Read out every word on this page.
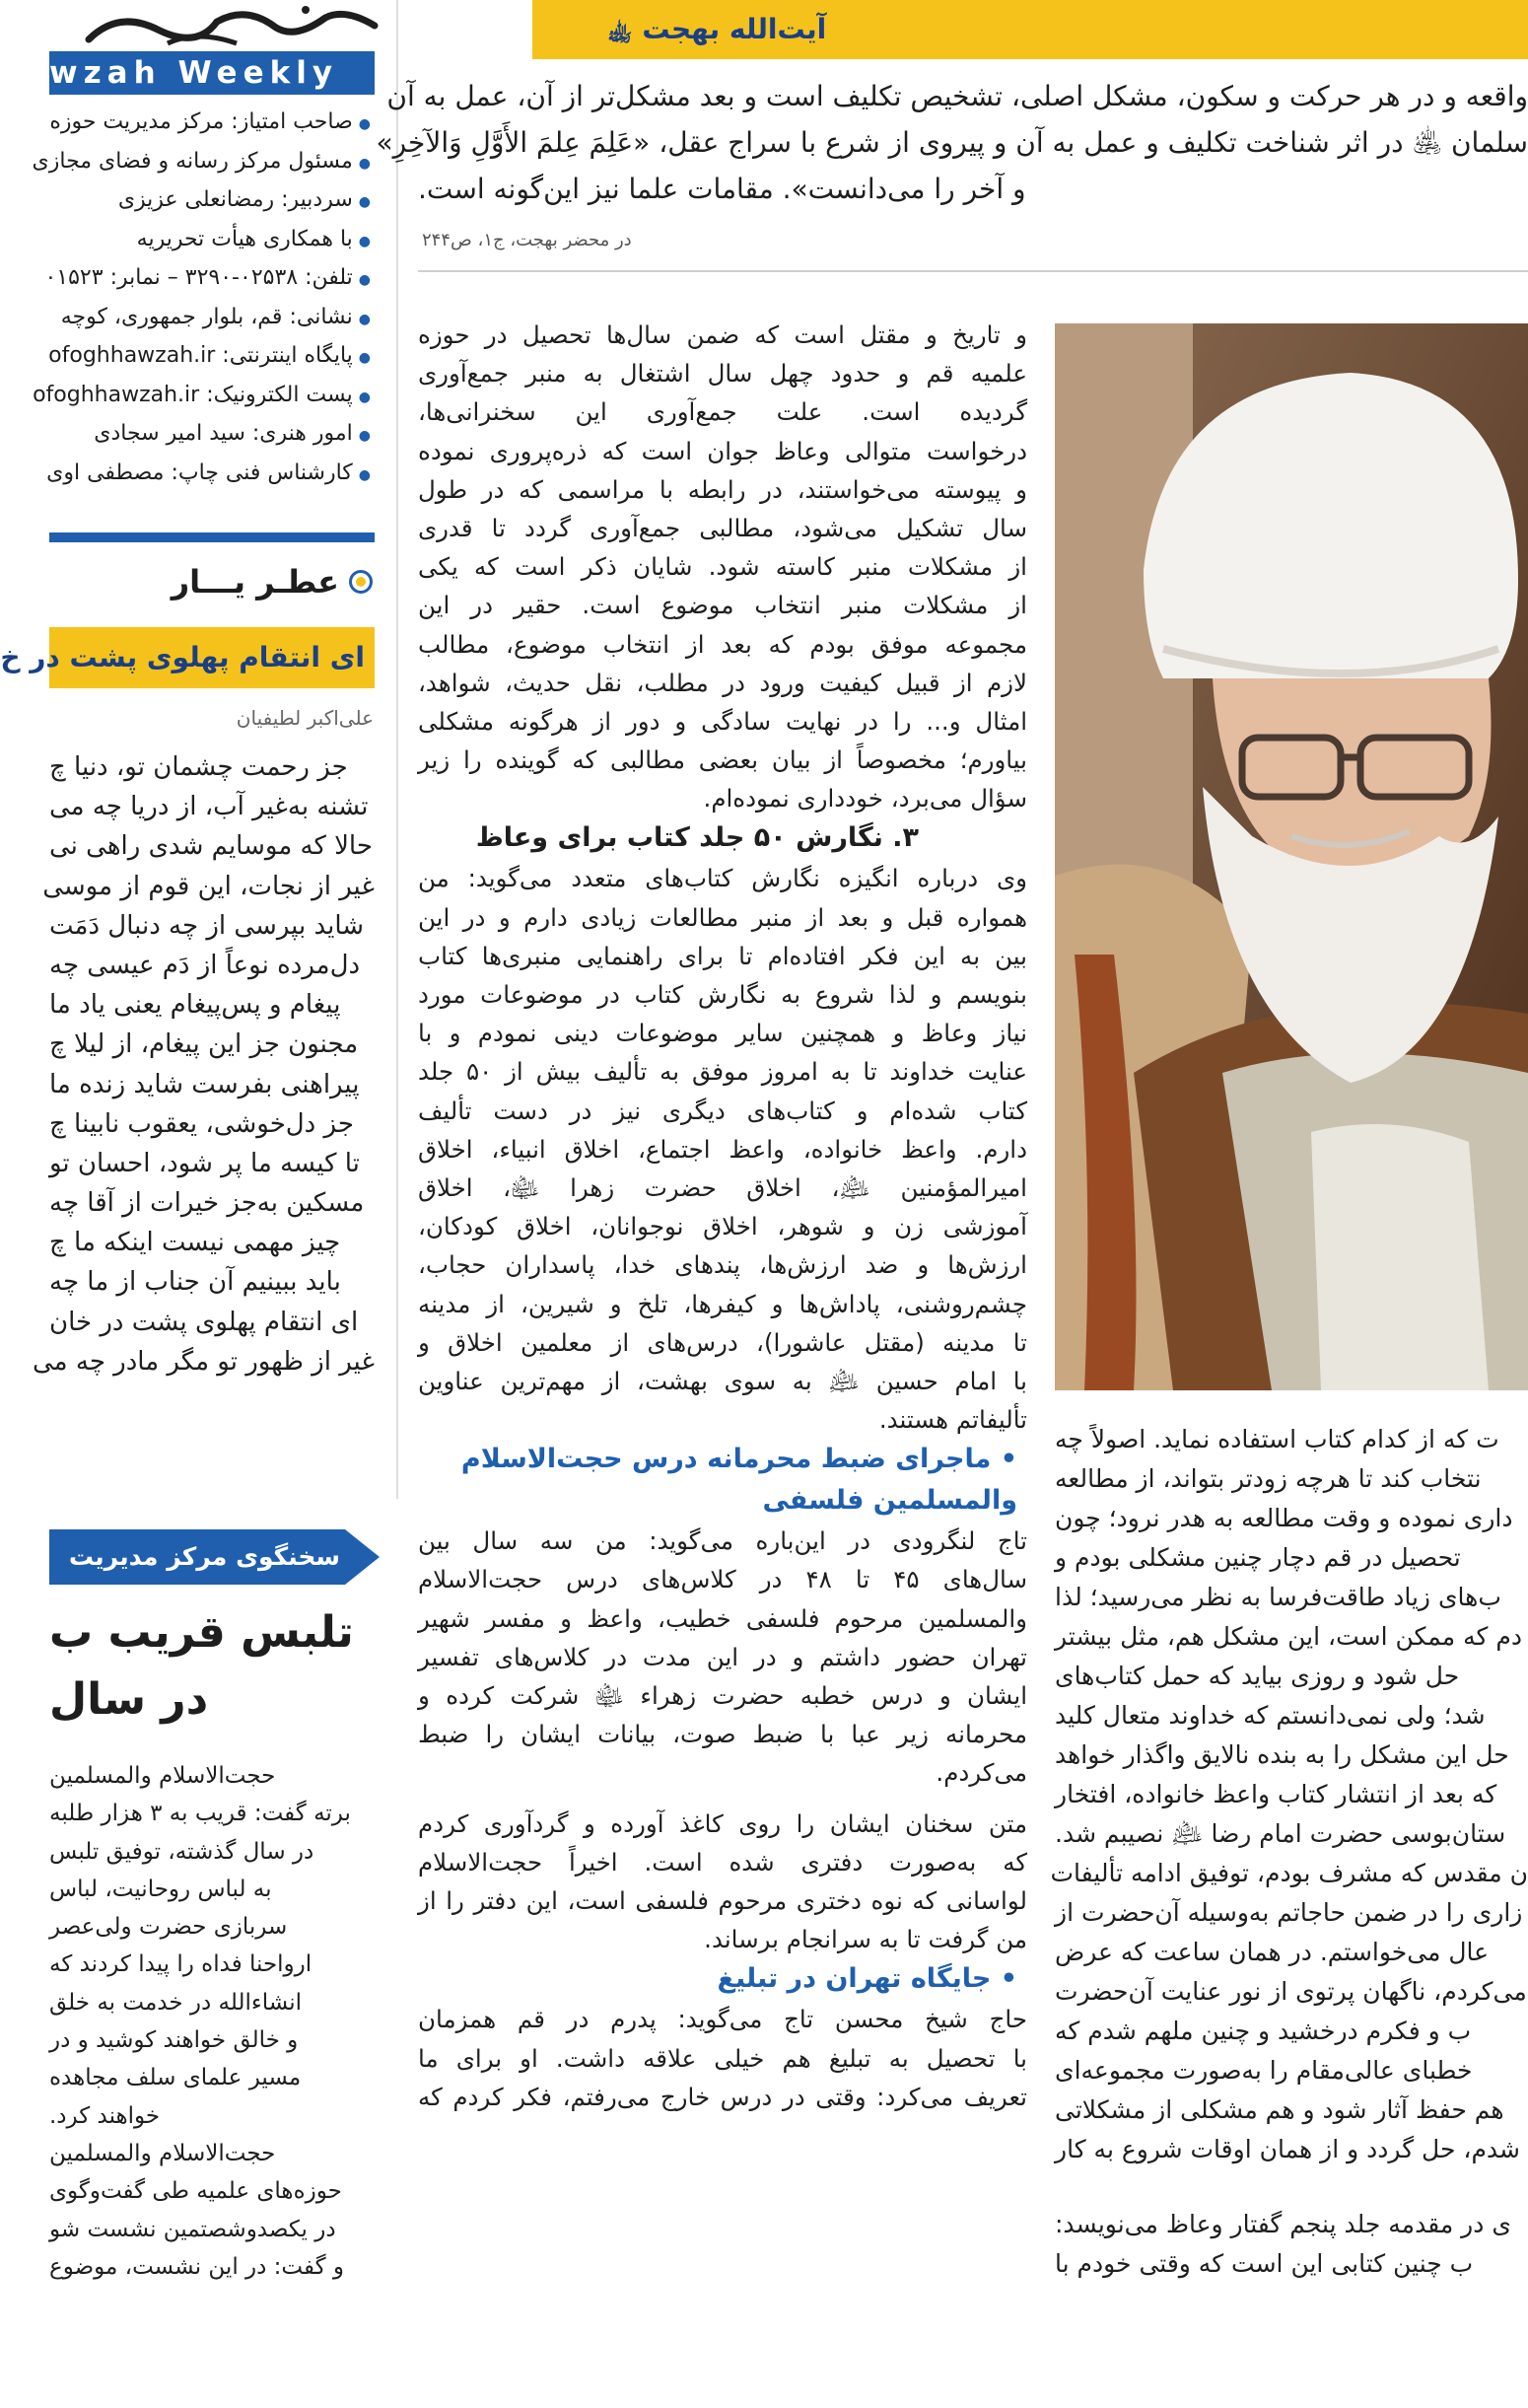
wzah Weekly
●صاحب امتیاز: مرکز مدیریت حوزه
●مسئول مرکز رسانه و فضای مجازی
●سردبیر: رمضانعلی عزیزی
●با همکاری هیأت تحریریه
●تلفن: ۰۲۵۳۸-۳۲۹۰ – نمابر: ۰۱۵۲۳
●نشانی: قم، بلوار جمهوری، کوچه
●پایگاه اینترنتی: ofoghhawzah.ir
●پست الکترونیک: ofoghhawzah.ir
●امور هنری: سید امیر سجادی
●کارشناس فنی چاپ: مصطفی اوی
عطـر یـــار
ای انتقام پهلوی پشت در خ
علی‌اکبر لطیفیان
جز رحمت چشمان تو، دنیا چ
تشنه به‌غیر آب، از دریا چه می
حالا که موسایم شدی راهی نی
غیر از نجات، این قوم از موسی
شاید بپرسی از چه دنبال دَمَت
دل‌مرده نوعاً از دَم عیسی چه
پیغام و پس‌پیغام یعنی یاد ما
مجنون جز این پیغام، از لیلا چ
پیراهنی بفرست شاید زنده ما
جز دل‌خوشی، یعقوب نابینا چ
تا کیسه ما پر شود، احسان تو
مسکین به‌جز خیرات از آقا چه
چیز مهمی نیست اینکه ما چ
باید ببینیم آن جناب از ما چه
ای انتقام پهلوی پشت در خان
غیر از ظهور تو مگر مادر چه می
سخنگوی مرکز مدیریت
تلبس قریب ب
در سال
حجت‌الاسلام والمسلمین
برته گفت: قریب به ۳ هزار طلبه
در سال گذشته، توفیق تلبس
به لباس روحانیت، لباس
سربازی حضرت ولی‌عصر
ارواحنا فداه را پیدا کردند که
انشاءالله در خدمت به خلق
و خالق خواهند کوشید و در
مسیر علمای سلف مجاهده
خواهند کرد.
حجت‌الاسلام والمسلمین
حوزه‌های علمیه طی گفت‌وگوی
در یکصدوشصتمین نشست شو
و گفت: در این نشست، موضوع
آیت‌الله بهجت ﵀
واقعه و در هر حرکت و سکون، مشکل اصلی، تشخیص تکلیف است و بعد مشکل‌تر از آن، عمل به آن
سلمان ﵁ در اثر شناخت تکلیف و عمل به آن و پیروی از شرع با سراج عقل، «عَلِمَ عِلمَ الأَوَّلِ وَالآخِرِ»
و آخر را می‌دانست». مقامات علما نیز این‌گونه است.
در محضر بهجت، ج۱، ص۲۴۴
و تاریخ و مقتل است که ضمن سال‌ها تحصیل در حوزه
علمیه قم و حدود چهل سال اشتغال به منبر جمع‌آوری
گردیده است. علت جمع‌آوری این سخنرانی‌ها،
درخواست متوالی وعاظ جوان است که ذره‌پروری نموده
و پیوسته می‌خواستند، در رابطه با مراسمی که در طول
سال تشکیل می‌شود، مطالبی جمع‌آوری گردد تا قدری
از مشکلات منبر کاسته شود. شایان ذکر است که یکی
از مشکلات منبر انتخاب موضوع است. حقیر در این
مجموعه موفق بودم که بعد از انتخاب موضوع، مطالب
لازم از قبیل کیفیت ورود در مطلب، نقل حدیث، شواهد،
امثال و... را در نهایت سادگی و دور از هرگونه مشکلی
بیاورم؛ مخصوصاً از بیان بعضی مطالبی که گوینده را زیر
سؤال می‌برد، خودداری نموده‌ام.
۳. نگارش ۵۰ جلد کتاب برای وعاظ
وی درباره انگیزه نگارش کتاب‌های متعدد می‌گوید: من
همواره قبل و بعد از منبر مطالعات زیادی دارم و در این
بین به این فکر افتاده‌ام تا برای راهنمایی منبری‌ها کتاب
بنویسم و لذا شروع به نگارش کتاب در موضوعات مورد
نیاز وعاظ و همچنین سایر موضوعات دینی نمودم و با
عنایت خداوند تا به امروز موفق به تألیف بیش از ۵۰ جلد
کتاب شده‌ام و کتاب‌های دیگری نیز در دست تألیف
دارم. واعظ خانواده، واعظ اجتماع، اخلاق انبیاء، اخلاق
امیرالمؤمنین ﵇، اخلاق حضرت زهرا ﵍، اخلاق
آموزشی زن و شوهر، اخلاق نوجوانان، اخلاق کودکان،
ارزش‌ها و ضد ارزش‌ها، پندهای خدا، پاسداران حجاب،
چشم‌روشنی، پاداش‌ها و کیفرها، تلخ و شیرین، از مدینه
تا مدینه (مقتل عاشورا)، درس‌های از معلمین اخلاق و
با امام حسین ﵇ به سوی بهشت، از مهم‌ترین عناوین
تألیفاتم هستند.
• ماجرای ضبط محرمانه درس حجت‌الاسلام
والمسلمین فلسفی
تاج لنگرودی در این‌باره می‌گوید: من سه سال بین
سال‌های ۴۵ تا ۴۸ در کلاس‌های درس حجت‌الاسلام
والمسلمین مرحوم فلسفی خطیب، واعظ و مفسر شهیر
تهران حضور داشتم و در این مدت در کلاس‌های تفسیر
ایشان و درس خطبه حضرت زهراء ﵍ شرکت کرده و
محرمانه زیر عبا با ضبط صوت، بیانات ایشان را ضبط
می‌کردم.
متن سخنان ایشان را روی کاغذ آورده و گردآوری کردم
که به‌صورت دفتری شده است. اخیراً حجت‌الاسلام
لواسانی که نوه دختری مرحوم فلسفی است، این دفتر را از
من گرفت تا به سرانجام برساند.
• جایگاه تهران در تبلیغ
حاج شیخ محسن تاج می‌گوید: پدرم در قم همزمان
با تحصیل به تبلیغ هم خیلی علاقه داشت. او برای ما
تعریف می‌کرد: وقتی در درس خارج می‌رفتم، فکر کردم که
ت که از کدام کتاب استفاده نماید. اصولاً چه
نتخاب کند تا هرچه زودتر بتواند، از مطالعه
داری نموده و وقت مطالعه به هدر نرود؛ چون
تحصیل در قم دچار چنین مشکلی بودم و
ب‌های زیاد طاقت‌فرسا به نظر می‌رسید؛ لذا
دم که ممکن است، این مشکل هم، مثل بیشتر
حل شود و روزی بیاید که حمل کتاب‌های
شد؛ ولی نمی‌دانستم که خداوند متعال کلید
حل این مشکل را به بنده نالایق واگذار خواهد
که بعد از انتشار کتاب واعظ خانواده، افتخار
ستان‌بوسی حضرت امام رضا ﵇ نصیبم شد.
ن مقدس که مشرف بودم، توفیق ادامه تألیفات
زاری را در ضمن حاجاتم به‌وسیله آن‌حضرت از
عال می‌خواستم. در همان ساعت که عرض
می‌کردم، ناگهان پرتوی از نور عنایت آن‌حضرت
ب و فکرم درخشید و چنین ملهم شدم که
خطبای عالی‌مقام را به‌صورت مجموعه‌ای
هم حفظ آثار شود و هم مشکلی از مشکلاتی
شدم، حل گردد و از همان اوقات شروع به کار
ی در مقدمه جلد پنجم گفتار وعاظ می‌نویسد:
ب چنین کتابی این است که وقتی خودم با
